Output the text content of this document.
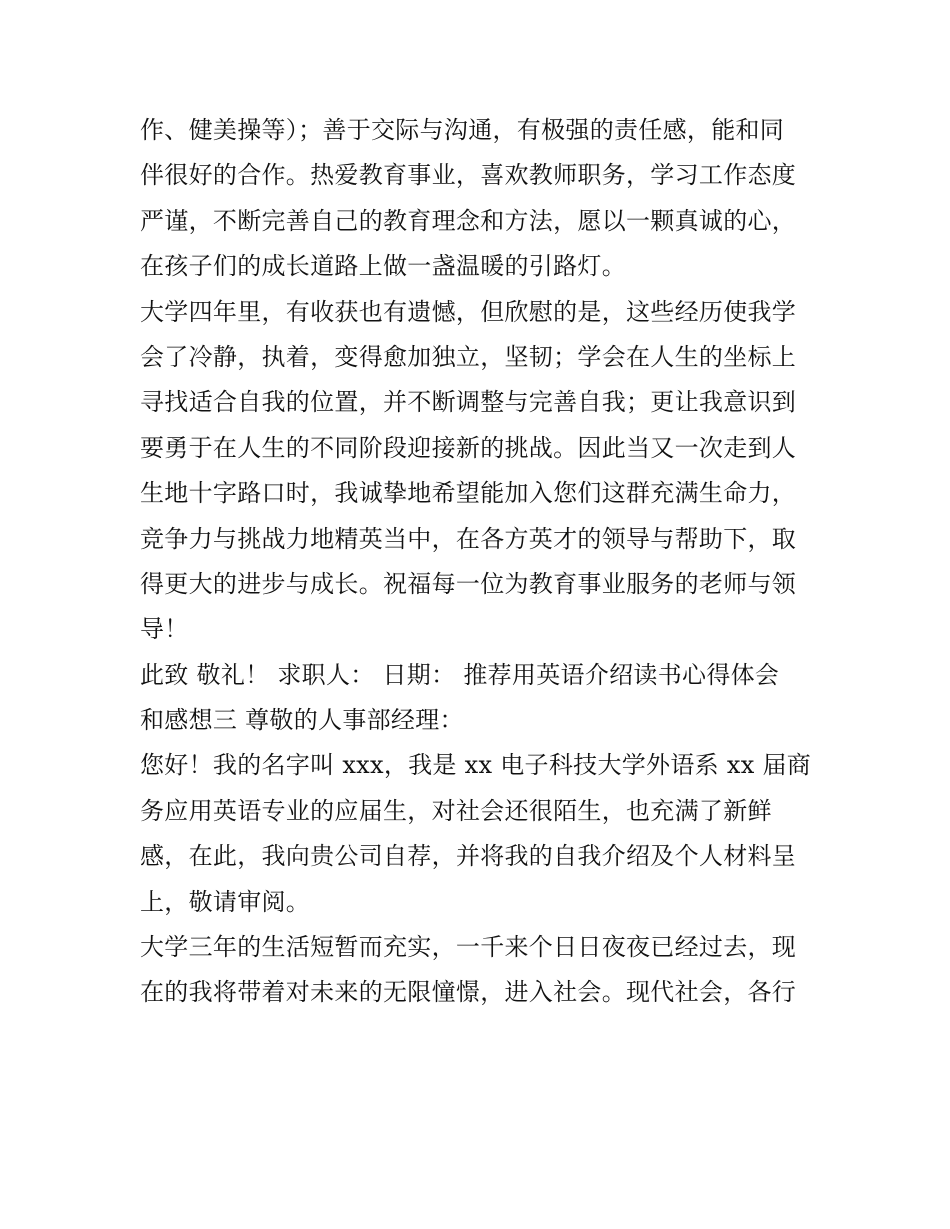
作、健美操等）；善于交际与沟通，有极强的责任感，能和同
伴很好的合作。热爱教育事业，喜欢教师职务，学习工作态度
严谨，不断完善自己的教育理念和方法，愿以一颗真诚的心，
在孩子们的成长道路上做一盏温暖的引路灯。
大学四年里，有收获也有遗憾，但欣慰的是，这些经历使我学
会了冷静，执着，变得愈加独立，坚韧；学会在人生的坐标上
寻找适合自我的位置，并不断调整与完善自我；更让我意识到
要勇于在人生的不同阶段迎接新的挑战。因此当又一次走到人
生地十字路口时，我诚挚地希望能加入您们这群充满生命力，
竞争力与挑战力地精英当中，在各方英才的领导与帮助下，取
得更大的进步与成长。祝福每一位为教育事业服务的老师与领
导！
此致 敬礼！ 求职人： 日期： 推荐用英语介绍读书心得体会
和感想三 尊敬的人事部经理：
您好！我的名字叫 xxx，我是 xx 电子科技大学外语系 xx 届商
务应用英语专业的应届生，对社会还很陌生，也充满了新鲜
感，在此，我向贵公司自荐，并将我的自我介绍及个人材料呈
上，敬请审阅。
大学三年的生活短暂而充实，一千来个日日夜夜已经过去，现
在的我将带着对未来的无限憧憬，进入社会。现代社会，各行
